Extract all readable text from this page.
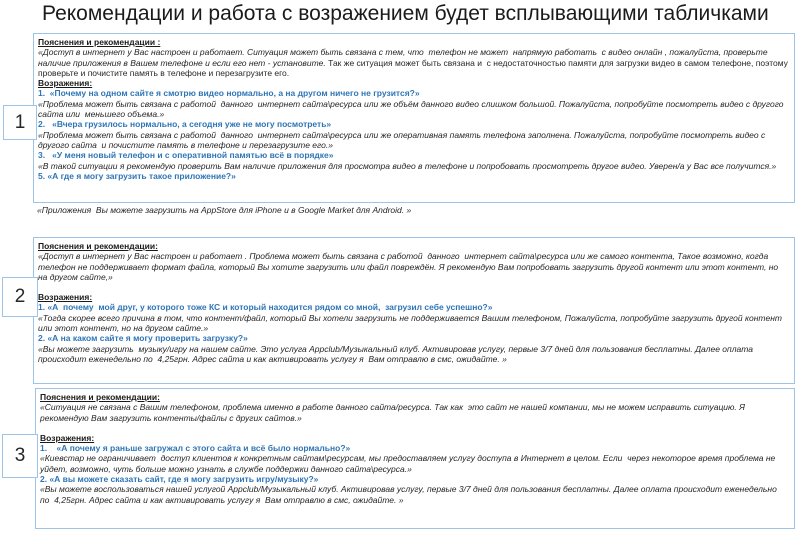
Рекомендации и работа с возражением будет всплывающими табличками

Пояснения и рекомендации :

«Доступ в интернет у Вас настроен и работает. Ситуация может быть связана с тем, что  телефон не может  напрямую работать  с видео онлайн , пожалуйста, проверьте наличие приложения в Вашем телефоне и если его нет - установите. Так же ситуация может быть связана и  с недостаточностью памяти для загрузки видео в самом телефоне, поэтому проверьте и почистите память в телефоне и перезагрузите его.

Возражения:

1.  «Почему на одном сайте я смотрю видео нормально, а на другом ничего не грузится?»

«Проблема может быть связана с работой  данного  интернет сайта\ресурса или же объём данного видео слишком большой. Пожалуйста, попробуйте посмотреть видео с другого сайта или  меньшего объема.»

2.   «Вчера грузилось нормально, а сегодня уже не могу посмотреть»

«Проблема может быть связана с работой  данного  интернет сайта\ресурса или же оперативная память телефона заполнена. Пожалуйста, попробуйте посмотреть видео с другого сайта  и почистите память в телефоне и перезагрузите его.»

3.   «У меня новый телефон и с оперативной памятью всё в порядке»

«В такой ситуации я рекомендую проверить Вам наличие приложения для просмотра видео в телефоне и попробовать просмотреть другое видео. Уверен/а у Вас все получится.»

5. «А где я могу загрузить такое приложение?»

«Приложения  Вы можете загрузить на AppStore для iPhone и в Google Market для Android. »

Пояснения и рекомендации:

«Доступ в интернет у Вас настроен и работает . Проблема может быть связана с работой  данного  интернет сайта\ресурса или же самого контента, Такое возможно, когда телефон не поддерживает формат файла, который Вы хотите загрузить или файл повреждён. Я рекомендую Вам попробовать загрузить другой контент или этот контент, но на другом сайте,»

Возражения:

1. «А  почему  мой друг, у которого тоже КС и который находится рядом со мной,  загрузил себе успешно?»

«Тогда скорее всего причина в том, что контент/файл, который Вы хотели загрузить не поддерживается Вашим телефоном, Пожалуйста, попробуйте загрузить другой контент или этот контент, но на другом сайте.»

2. «А на каком сайте я могу проверить загрузку?»

«Вы можете загрузить  музыку/игру на нашем сайте. Это услуга Appclub/Музыкальный клуб. Активировав услугу, первые 3/7 дней для пользования бесплатны. Далее оплата происходит еженедельно по  4,25грн. Адрес сайта и как активировать услугу я  Вам отправлю в смс, ожидайте. »

Пояснения и рекомендации:

«Ситуация не связана с Вашим телефоном, проблема именно в работе данного сайта/ресурса. Так как  это сайт не нашей компании, мы не можем исправить ситуацию. Я рекомендую Вам загрузить контенты/файлы с других сайтов.»

Возражения:

1.    «А почему я раньше загружал с этого сайта и всё было нормально?»

«Киевстар не ограничивает  доступ клиентов к конкретным сайтам\ресурсам, мы предоставляем услугу доступа в Интернет в целом. Если  через некоторое время проблема не уйдет, возможно, чуть больше можно узнать в службе поддержки данного сайта\ресурса.»

2. «А вы можете сказать сайт, где я могу загрузить игру/музыку?»

«Вы можете воспользоваться нашей услугой Appclub/Музыкальный клуб. Активировав услугу, первые 3/7 дней для пользования бесплатны. Далее оплата происходит еженедельно по  4,25грн. Адрес сайта и как активировать услугу я  Вам отправлю в смс, ожидайте. »

1
2
3
